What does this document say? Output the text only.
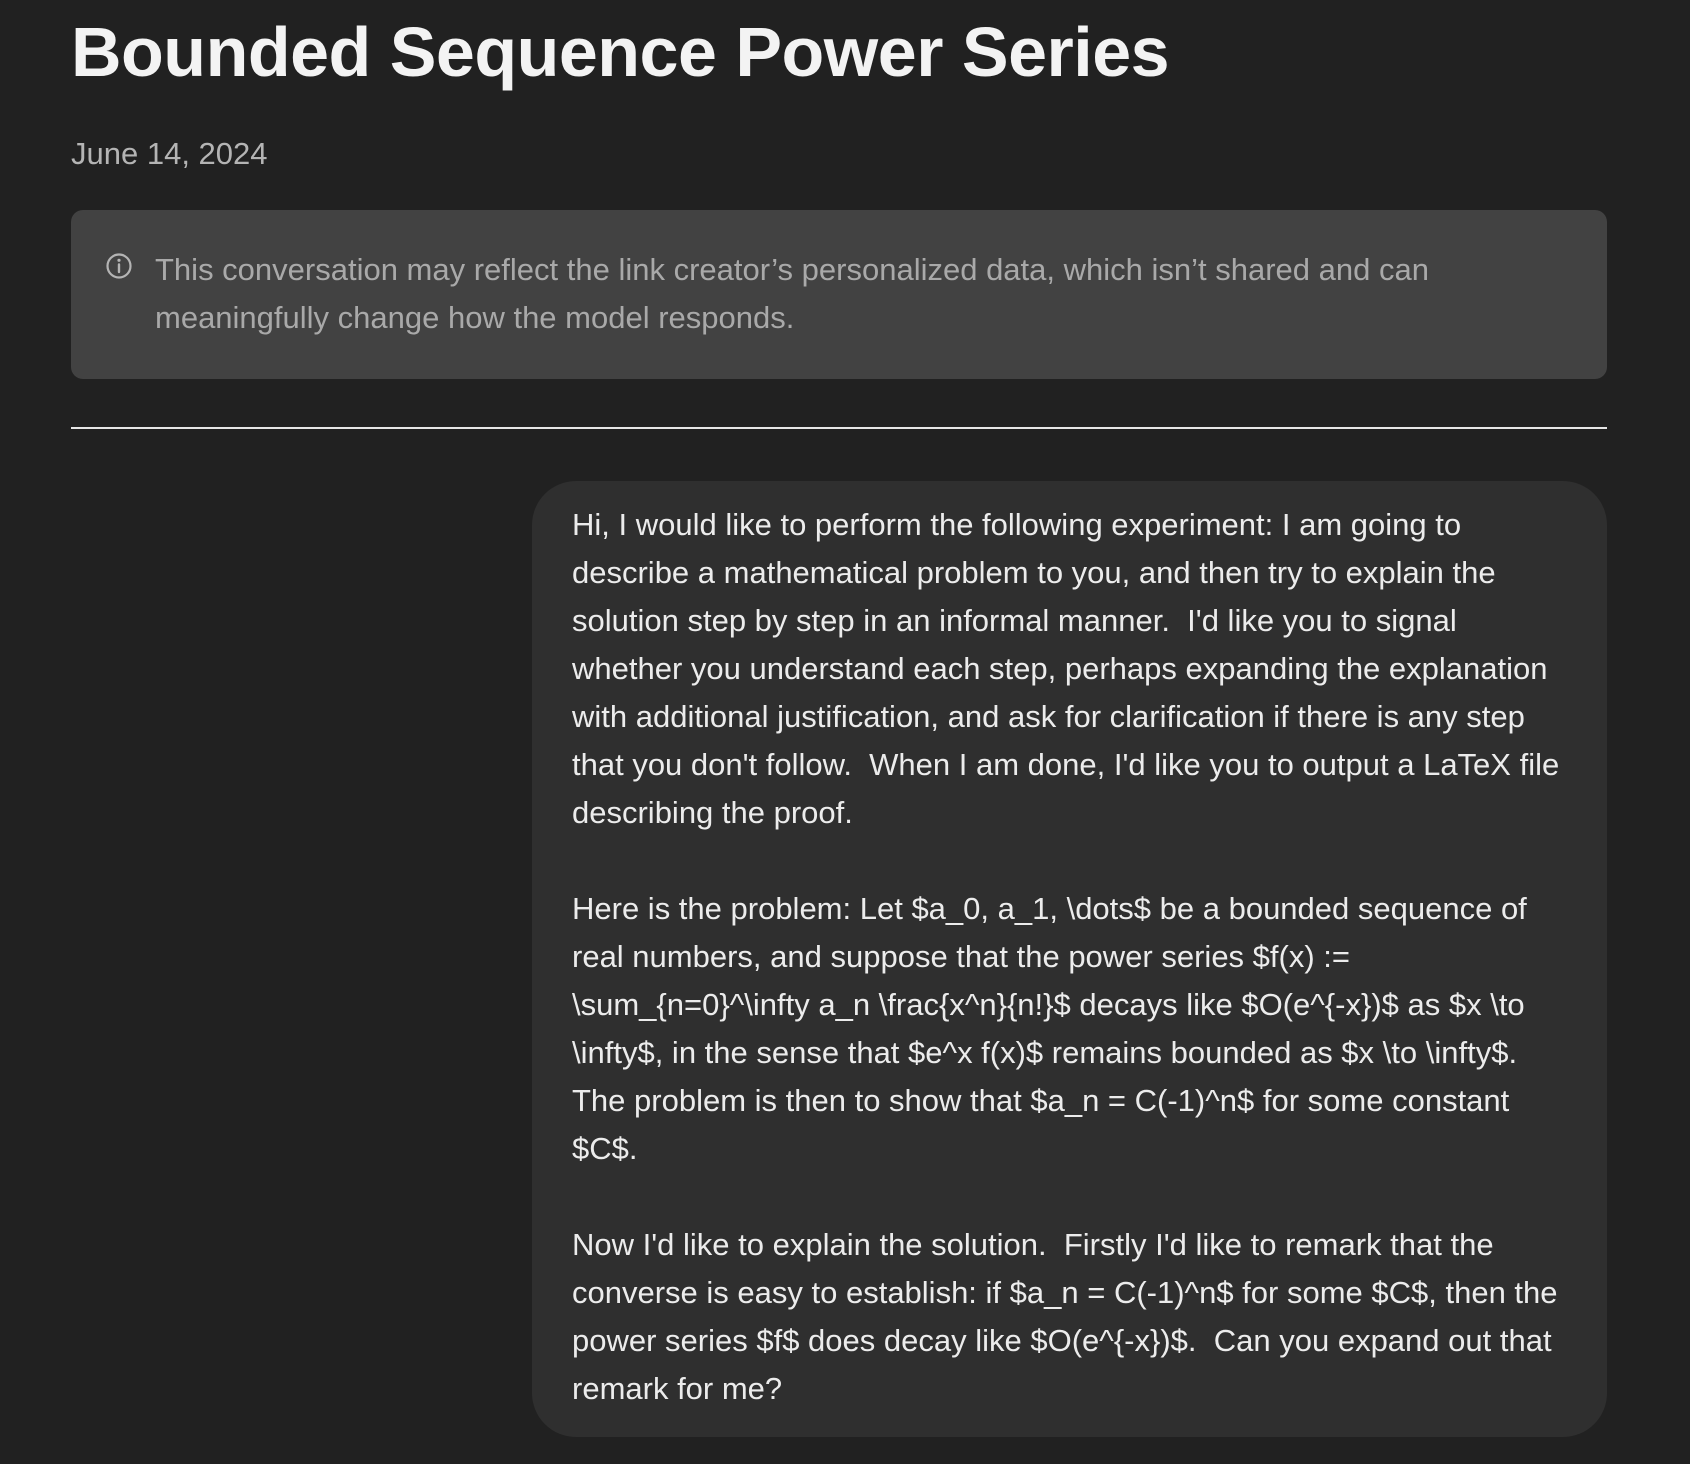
Bounded Sequence Power Series
June 14, 2024
This conversation may reflect the link creator’s personalized data, which isn’t shared and can meaningfully change how the model responds.

Hi, I would like to perform the following experiment: I am going to describe a mathematical problem to you, and then try to explain the solution step by step in an informal manner.  I'd like you to signal whether you understand each step, perhaps expanding the explanation with additional justification, and ask for clarification if there is any step that you don't follow.  When I am done, I'd like you to output a LaTeX file describing the proof.

Here is the problem: Let $a_0, a_1, \dots$ be a bounded sequence of real numbers, and suppose that the power series $f(x) := \sum_{n=0}^\infty a_n \frac{x^n}{n!}$ decays like $O(e^{-x})$ as $x \to \infty$, in the sense that $e^x f(x)$ remains bounded as $x \to \infty$.  The problem is then to show that $a_n = C(-1)^n$ for some constant $C$.

Now I'd like to explain the solution.  Firstly I'd like to remark that the converse is easy to establish: if $a_n = C(-1)^n$ for some $C$, then the power series $f$ does decay like $O(e^{-x})$.  Can you expand out that remark for me?
